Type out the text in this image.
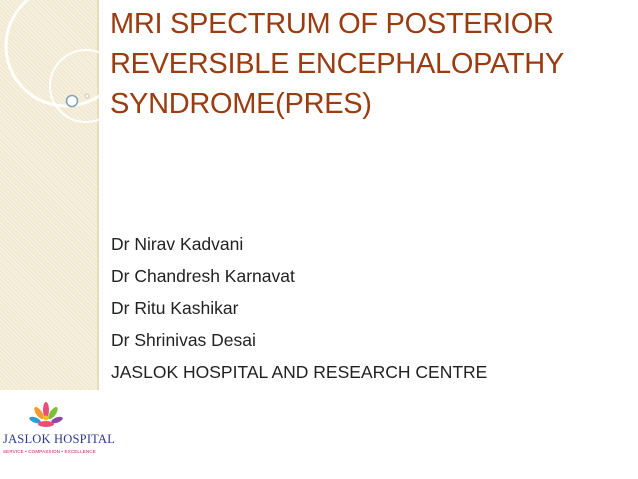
MRI SPECTRUM OF POSTERIOR
REVERSIBLE ENCEPHALOPATHY
SYNDROME(PRES)
Dr Nirav Kadvani
Dr Chandresh Karnavat
Dr Ritu Kashikar
Dr Shrinivas Desai
JASLOK HOSPITAL AND RESEARCH CENTRE
JASLOK HOSPITAL
SERVICE • COMPASSION • EXCELLENCE
